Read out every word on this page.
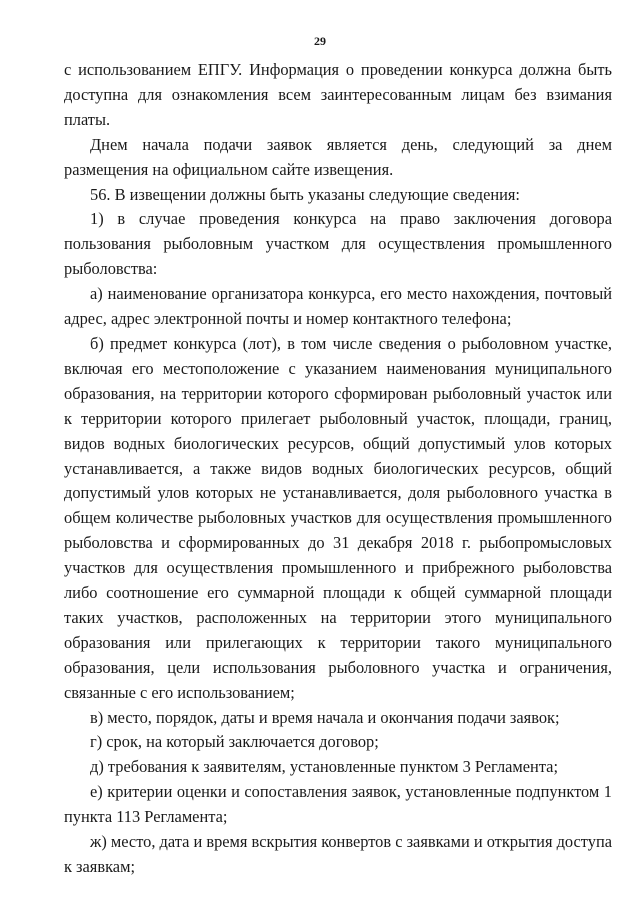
29

с использованием ЕПГУ. Информация о проведении конкурса должна быть доступна для ознакомления всем заинтересованным лицам без взимания платы.

Днем начала подачи заявок является день, следующий за днем размещения на официальном сайте извещения.

56. В извещении должны быть указаны следующие сведения:

1) в случае проведения конкурса на право заключения договора пользования рыболовным участком для осуществления промышленного рыболовства:

а) наименование организатора конкурса, его место нахождения, почтовый адрес, адрес электронной почты и номер контактного телефона;

б) предмет конкурса (лот), в том числе сведения о рыболовном участке, включая его местоположение с указанием наименования муниципального образования, на территории которого сформирован рыболовный участок или к территории которого прилегает рыболовный участок, площади, границ, видов водных биологических ресурсов, общий допустимый улов которых устанавливается, а также видов водных биологических ресурсов, общий допустимый улов которых не устанавливается, доля рыболовного участка в общем количестве рыболовных участков для осуществления промышленного рыболовства и сформированных до 31 декабря 2018 г. рыбопромысловых участков для осуществления промышленного и прибрежного рыболовства либо соотношение его суммарной площади к общей суммарной площади таких участков, расположенных на территории этого муниципального образования или прилегающих к территории такого муниципального образования, цели использования рыболовного участка и ограничения, связанные с его использованием;

в) место, порядок, даты и время начала и окончания подачи заявок;

г) срок, на который заключается договор;

д) требования к заявителям, установленные пунктом 3 Регламента;

е) критерии оценки и сопоставления заявок, установленные подпунктом 1 пункта 113 Регламента;

ж) место, дата и время вскрытия конвертов с заявками и открытия доступа к заявкам;
